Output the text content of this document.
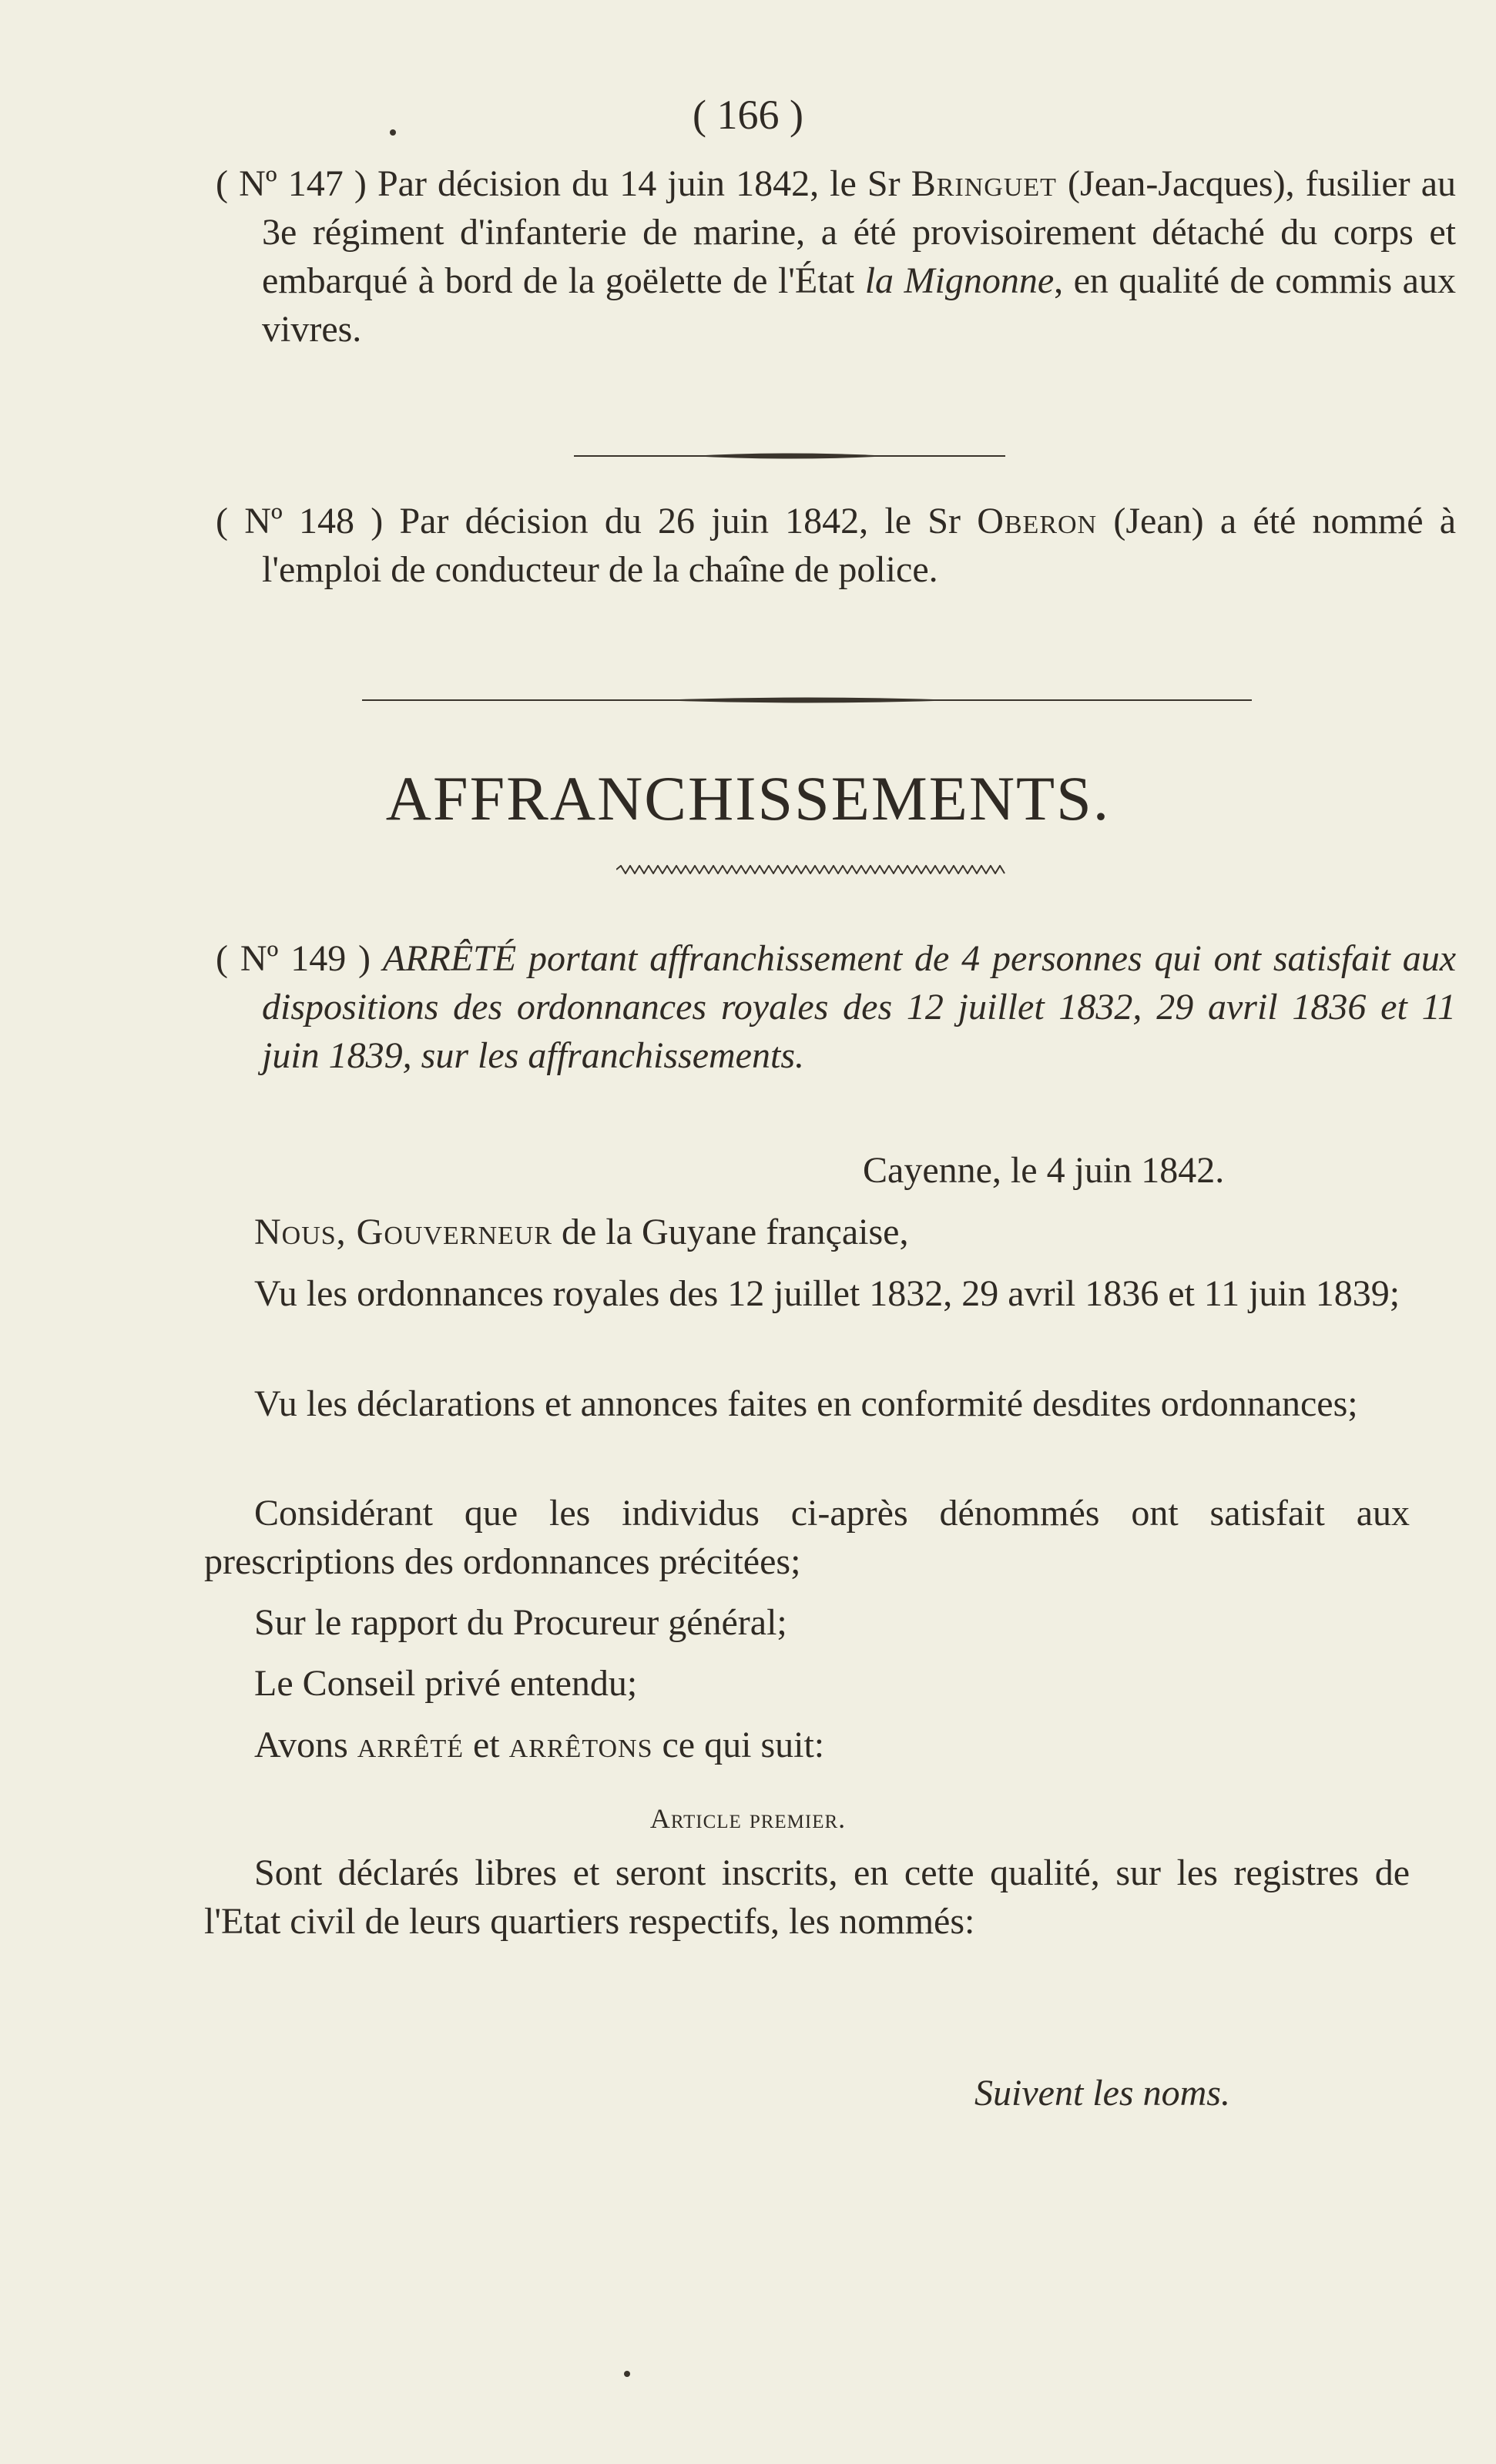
( 166 )
( Nº 147 ) Par décision du 14 juin 1842, le Sr Bringuet (Jean-Jacques), fusilier au 3e régiment d'infanterie de marine, a été provisoirement détaché du corps et embarqué à bord de la goëlette de l'État la Mignonne, en qualité de commis aux vivres.
( Nº 148 ) Par décision du 26 juin 1842, le Sr Oberon (Jean) a été nommé à l'emploi de conducteur de la chaîne de police.
AFFRANCHISSEMENTS.
( Nº 149 ) ARRÊTÉ portant affranchissement de 4 personnes qui ont satisfait aux dispositions des ordonnances royales des 12 juillet 1832, 29 avril 1836 et 11 juin 1839, sur les affranchissements.
Cayenne, le 4 juin 1842.
Nous, Gouverneur de la Guyane française,
Vu les ordonnances royales des 12 juillet 1832, 29 avril 1836 et 11 juin 1839;
Vu les déclarations et annonces faites en conformité desdites ordonnances;
Considérant que les individus ci-après dénommés ont satisfait aux prescriptions des ordonnances précitées;
Sur le rapport du Procureur général;
Le Conseil privé entendu;
Avons arrêté et arrêtons ce qui suit:
Article premier.
Sont déclarés libres et seront inscrits, en cette qualité, sur les registres de l'Etat civil de leurs quartiers respectifs, les nommés:
Suivent les noms.
